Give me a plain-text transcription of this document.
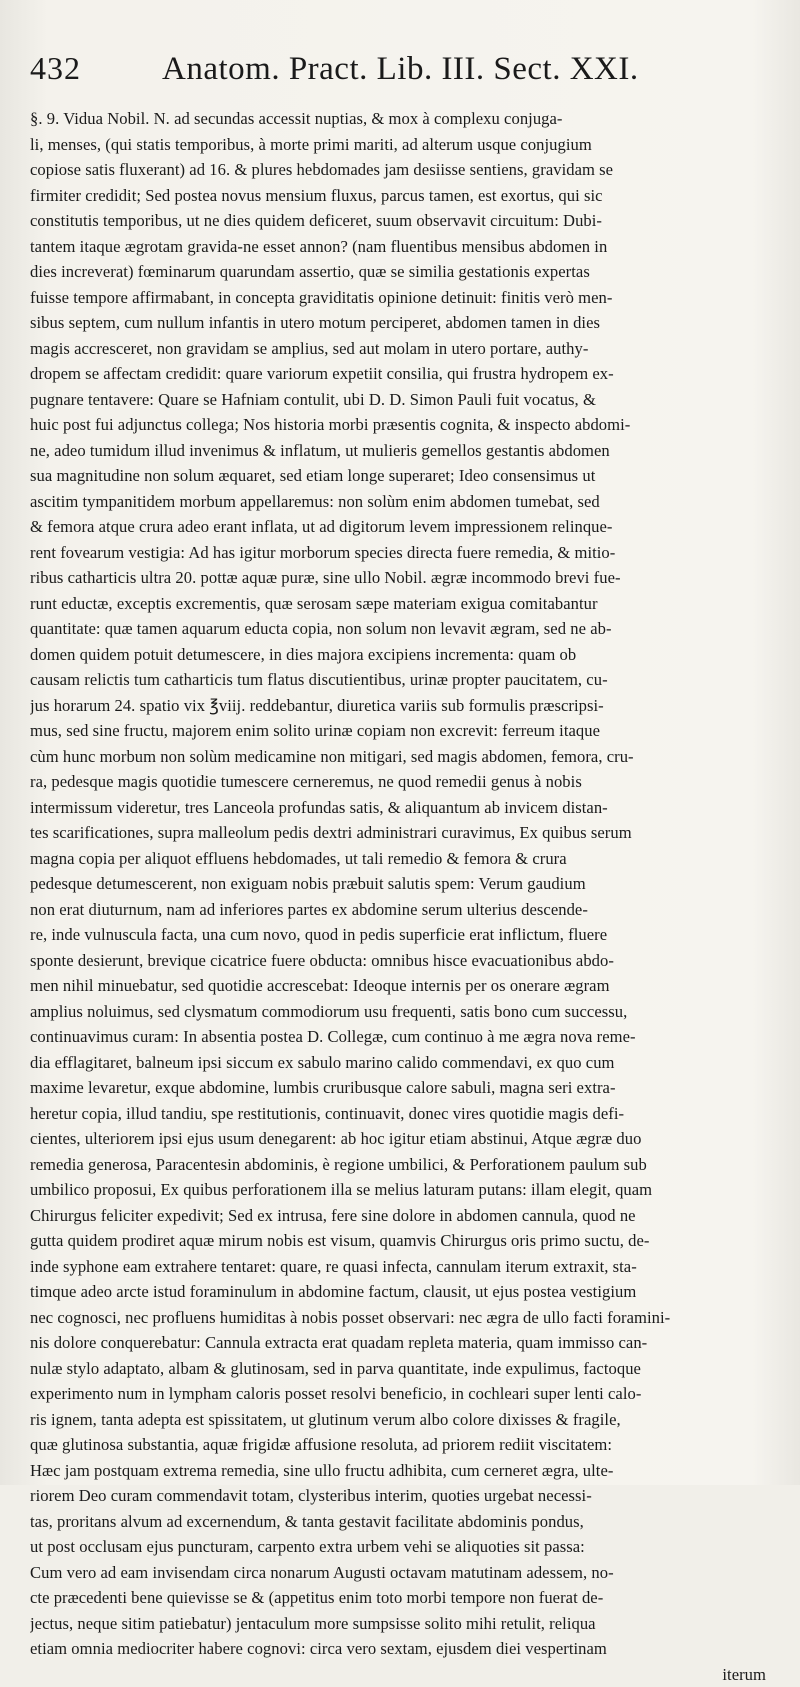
432	Anatom. Pract. Lib. III. Sect. XXI.
§. 9. Vidua Nobil. N. ad secundas accessit nuptias, & mox à complexu conjuga-
li, menses, (qui statis temporibus, à morte primi mariti, ad alterum usque conjugium
copiose satis fluxerant) ad 16. & plures hebdomades jam desiisse sentiens, gravidam se
firmiter credidit; Sed postea novus mensium fluxus, parcus tamen, est exortus, qui sic
constitutis temporibus, ut ne dies quidem deficeret, suum observavit circuitum: Dubi-
tantem itaque ægrotam gravida-ne esset annon? (nam fluentibus mensibus abdomen in
dies increverat) fœminarum quarundam assertio, quæ se similia gestationis expertas
fuisse tempore affirmabant, in concepta graviditatis opinione detinuit: finitis verò men-
sibus septem, cum nullum infantis in utero motum perciperet, abdomen tamen in dies
magis accresceret, non gravidam se amplius, sed aut molam in utero portare, authy-
dropem se affectam credidit: quare variorum expetiit consilia, qui frustra hydropem ex-
pugnare tentavere: Quare se Hafniam contulit, ubi D. D. Simon Pauli fuit vocatus, &
huic post fui adjunctus collega; Nos historia morbi præsentis cognita, & inspecto abdomi-
ne, adeo tumidum illud invenimus & inflatum, ut mulieris gemellos gestantis abdomen
sua magnitudine non solum æquaret, sed etiam longe superaret; Ideo consensimus ut
ascitim tympanitidem morbum appellaremus: non solùm enim abdomen tumebat, sed
& femora atque crura adeo erant inflata, ut ad digitorum levem impressionem relinque-
rent fovearum vestigia: Ad has igitur morborum species directa fuere remedia, & mitio-
ribus catharticis ultra 20. pottæ aquæ puræ, sine ullo Nobil. ægræ incommodo brevi fue-
runt eductæ, exceptis excrementis, quæ serosam sæpe materiam exigua comitabantur
quantitate: quæ tamen aquarum educta copia, non solum non levavit ægram, sed ne ab-
domen quidem potuit detumescere, in dies majora excipiens incrementa: quam ob
causam relictis tum catharticis tum flatus discutientibus, urinæ propter paucitatem, cu-
jus horarum 24. spatio vix ℥viij. reddebantur, diuretica variis sub formulis præscripsi-
mus, sed sine fructu, majorem enim solito urinæ copiam non excrevit: ferreum itaque
cùm hunc morbum non solùm medicamine non mitigari, sed magis abdomen, femora, cru-
ra, pedesque magis quotidie tumescere cerneremus, ne quod remedii genus à nobis
intermissum videretur, tres Lanceola profundas satis, & aliquantum ab invicem distan-
tes scarificationes, supra malleolum pedis dextri administrari curavimus, Ex quibus serum
magna copia per aliquot effluens hebdomades, ut tali remedio & femora & crura
pedesque detumescerent, non exiguam nobis præbuit salutis spem: Verum gaudium
non erat diuturnum, nam ad inferiores partes ex abdomine serum ulterius descende-
re, inde vulnuscula facta, una cum novo, quod in pedis superficie erat inflictum, fluere
sponte desierunt, brevique cicatrice fuere obducta: omnibus hisce evacuationibus abdo-
men nihil minuebatur, sed quotidie accrescebat: Ideoque internis per os onerare ægram
amplius noluimus, sed clysmatum commodiorum usu frequenti, satis bono cum successu,
continuavimus curam: In absentia postea D. Collegæ, cum continuo à me ægra nova reme-
dia efflagitaret, balneum ipsi siccum ex sabulo marino calido commendavi, ex quo cum
maxime levaretur, exque abdomine, lumbis cruribusque calore sabuli, magna seri extra-
heretur copia, illud tandiu, spe restitutionis, continuavit, donec vires quotidie magis defi-
cientes, ulteriorem ipsi ejus usum denegarent: ab hoc igitur etiam abstinui, Atque ægræ duo
remedia generosa, Paracentesin abdominis, è regione umbilici, & Perforationem paulum sub
umbilico proposui, Ex quibus perforationem illa se melius laturam putans: illam elegit, quam
Chirurgus feliciter expedivit; Sed ex intrusa, fere sine dolore in abdomen cannula, quod ne
gutta quidem prodiret aquæ mirum nobis est visum, quamvis Chirurgus oris primo suctu, de-
inde syphone eam extrahere tentaret: quare, re quasi infecta, cannulam iterum extraxit, sta-
timque adeo arcte istud foraminulum in abdomine factum, clausit, ut ejus postea vestigium
nec cognosci, nec profluens humiditas à nobis posset observari: nec ægra de ullo facti foramini-
nis dolore conquerebatur: Cannula extracta erat quadam repleta materia, quam immisso can-
nulæ stylo adaptato, albam & glutinosam, sed in parva quantitate, inde expulimus, factoque
experimento num in lympham caloris posset resolvi beneficio, in cochleari super lenti calo-
ris ignem, tanta adepta est spissitatem, ut glutinum verum albo colore dixisses & fragile,
quæ glutinosa substantia, aquæ frigidæ affusione resoluta, ad priorem rediit viscitatem:
Hæc jam postquam extrema remedia, sine ullo fructu adhibita, cum cerneret ægra, ulte-
riorem Deo curam commendavit totam, clysteribus interim, quoties urgebat necessi-
tas, proritans alvum ad excernendum, & tanta gestavit facilitate abdominis pondus,
ut post occlusam ejus puncturam, carpento extra urbem vehi se aliquoties sit passa:
Cum vero ad eam invisendam circa nonarum Augusti octavam matutinam adessem, no-
cte præcedenti bene quievisse se & (appetitus enim toto morbi tempore non fuerat de-
jectus, neque sitim patiebatur) jentaculum more sumpsisse solito mihi retulit, reliqua
etiam omnia mediocriter habere cognovi: circa vero sextam, ejusdem diei vespertinam
iterum
